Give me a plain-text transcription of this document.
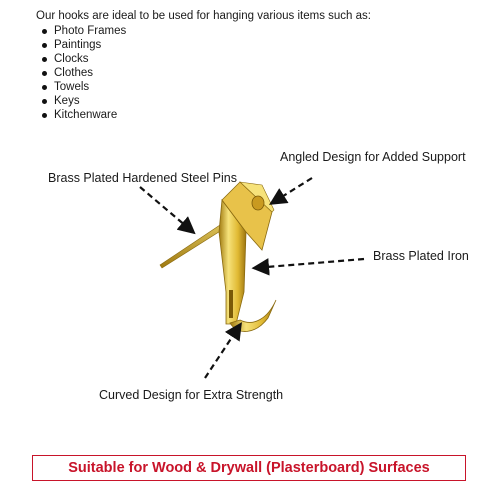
Our hooks are ideal to be used for hanging various items such as:
Photo Frames
Paintings
Clocks
Clothes
Towels
Keys
Kitchenware
Brass Plated Hardened Steel Pins
Angled Design for Added Support
Brass Plated Iron
Curved Design for Extra Strength
Suitable for Wood & Drywall (Plasterboard) Surfaces
